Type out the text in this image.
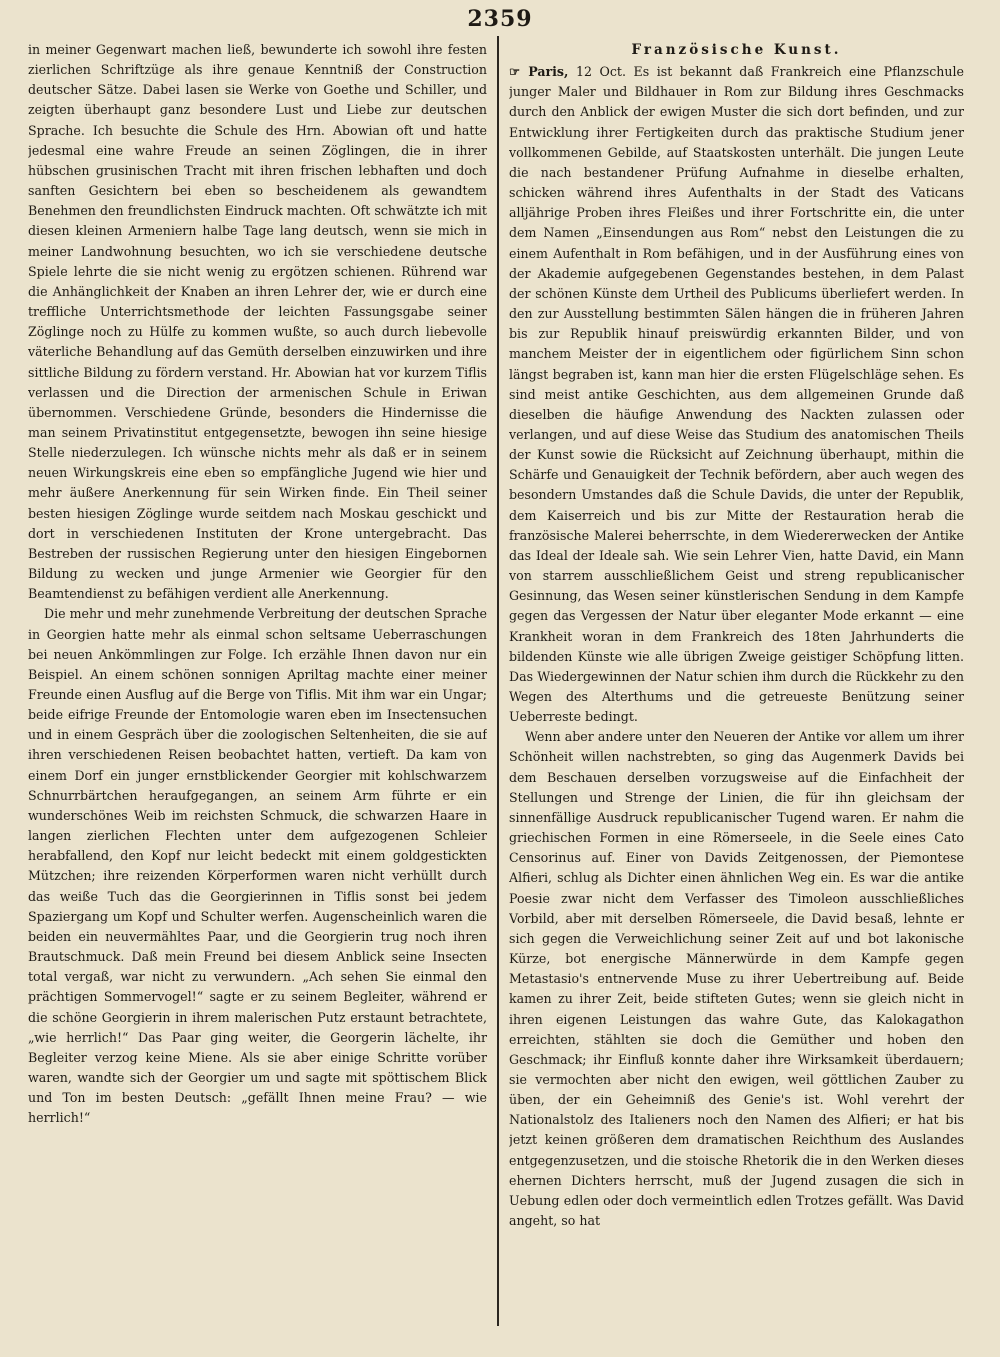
2359

in meiner Gegenwart machen ließ, bewunderte ich sowohl ihre festen zierlichen Schriftzüge als ihre genaue Kenntniß der Construction deutscher Sätze. Dabei lasen sie Werke von Goethe und Schiller, und zeigten überhaupt ganz besondere Lust und Liebe zur deutschen Sprache. Ich besuchte die Schule des Hrn. Abowian oft und hatte jedesmal eine wahre Freude an seinen Zöglingen, die in ihrer hübschen grusinischen Tracht mit ihren frischen lebhaften und doch sanften Gesichtern bei eben so bescheidenem als gewandtem Benehmen den freundlichsten Eindruck machten. Oft schwätzte ich mit diesen kleinen Armeniern halbe Tage lang deutsch, wenn sie mich in meiner Landwohnung besuchten, wo ich sie verschiedene deutsche Spiele lehrte die sie nicht wenig zu ergötzen schienen. Rührend war die Anhänglichkeit der Knaben an ihren Lehrer der, wie er durch eine treffliche Unterrichtsmethode der leichten Fassungsgabe seiner Zöglinge noch zu Hülfe zu kommen wußte, so auch durch liebevolle väterliche Behandlung auf das Gemüth derselben einzuwirken und ihre sittliche Bildung zu fördern verstand. Hr. Abowian hat vor kurzem Tiflis verlassen und die Direction der armenischen Schule in Eriwan übernommen. Verschiedene Gründe, besonders die Hindernisse die man seinem Privatinstitut entgegensetzte, bewogen ihn seine hiesige Stelle niederzulegen. Ich wünsche nichts mehr als daß er in seinem neuen Wirkungskreis eine eben so empfängliche Jugend wie hier und mehr äußere Anerkennung für sein Wirken finde. Ein Theil seiner besten hiesigen Zöglinge wurde seitdem nach Moskau geschickt und dort in verschiedenen Instituten der Krone untergebracht. Das Bestreben der russischen Regierung unter den hiesigen Eingebornen Bildung zu wecken und junge Armenier wie Georgier für den Beamtendienst zu befähigen verdient alle Anerkennung.

Die mehr und mehr zunehmende Verbreitung der deutschen Sprache in Georgien hatte mehr als einmal schon seltsame Ueberraschungen bei neuen Ankömmlingen zur Folge. Ich erzähle Ihnen davon nur ein Beispiel. An einem schönen sonnigen Apriltag machte einer meiner Freunde einen Ausflug auf die Berge von Tiflis. Mit ihm war ein Ungar; beide eifrige Freunde der Entomologie waren eben im Insectensuchen und in einem Gespräch über die zoologischen Seltenheiten, die sie auf ihren verschiedenen Reisen beobachtet hatten, vertieft. Da kam von einem Dorf ein junger ernstblickender Georgier mit kohlschwarzem Schnurrbärtchen heraufgegangen, an seinem Arm führte er ein wunderschönes Weib im reichsten Schmuck, die schwarzen Haare in langen zierlichen Flechten unter dem aufgezogenen Schleier herabfallend, den Kopf nur leicht bedeckt mit einem goldgestickten Mützchen; ihre reizenden Körperformen waren nicht verhüllt durch das weiße Tuch das die Georgierinnen in Tiflis sonst bei jedem Spaziergang um Kopf und Schulter werfen. Augenscheinlich waren die beiden ein neuvermähltes Paar, und die Georgierin trug noch ihren Brautschmuck. Daß mein Freund bei diesem Anblick seine Insecten total vergaß, war nicht zu verwundern. „Ach sehen Sie einmal den prächtigen Sommervogel!“ sagte er zu seinem Begleiter, während er die schöne Georgierin in ihrem malerischen Putz erstaunt betrachtete, „wie herrlich!“ Das Paar ging weiter, die Georgerin lächelte, ihr Begleiter verzog keine Miene. Als sie aber einige Schritte vorüber waren, wandte sich der Georgier um und sagte mit spöttischem Blick und Ton im besten Deutsch: „gefällt Ihnen meine Frau? — wie herrlich!“

Französische Kunst.

☞ Paris, 12 Oct. Es ist bekannt daß Frankreich eine Pflanzschule junger Maler und Bildhauer in Rom zur Bildung ihres Geschmacks durch den Anblick der ewigen Muster die sich dort befinden, und zur Entwicklung ihrer Fertigkeiten durch das praktische Studium jener vollkommenen Gebilde, auf Staatskosten unterhält. Die jungen Leute die nach bestandener Prüfung Aufnahme in dieselbe erhalten, schicken während ihres Aufenthalts in der Stadt des Vaticans alljährige Proben ihres Fleißes und ihrer Fortschritte ein, die unter dem Namen „Einsendungen aus Rom“ nebst den Leistungen die zu einem Aufenthalt in Rom befähigen, und in der Ausführung eines von der Akademie aufgegebenen Gegenstandes bestehen, in dem Palast der schönen Künste dem Urtheil des Publicums überliefert werden. In den zur Ausstellung bestimmten Sälen hängen die in früheren Jahren bis zur Republik hinauf preiswürdig erkannten Bilder, und von manchem Meister der in eigentlichem oder figürlichem Sinn schon längst begraben ist, kann man hier die ersten Flügelschläge sehen. Es sind meist antike Geschichten, aus dem allgemeinen Grunde daß dieselben die häufige Anwendung des Nackten zulassen oder verlangen, und auf diese Weise das Studium des anatomischen Theils der Kunst sowie die Rücksicht auf Zeichnung überhaupt, mithin die Schärfe und Genauigkeit der Technik befördern, aber auch wegen des besondern Umstandes daß die Schule Davids, die unter der Republik, dem Kaiserreich und bis zur Mitte der Restauration herab die französische Malerei beherrschte, in dem Wiedererwecken der Antike das Ideal der Ideale sah. Wie sein Lehrer Vien, hatte David, ein Mann von starrem ausschließlichem Geist und streng republicanischer Gesinnung, das Wesen seiner künstlerischen Sendung in dem Kampfe gegen das Vergessen der Natur über eleganter Mode erkannt — eine Krankheit woran in dem Frankreich des 18ten Jahrhunderts die bildenden Künste wie alle übrigen Zweige geistiger Schöpfung litten. Das Wiedergewinnen der Natur schien ihm durch die Rückkehr zu den Wegen des Alterthums und die getreueste Benützung seiner Ueberreste bedingt.

Wenn aber andere unter den Neueren der Antike vor allem um ihrer Schönheit willen nachstrebten, so ging das Augenmerk Davids bei dem Beschauen derselben vorzugsweise auf die Einfachheit der Stellungen und Strenge der Linien, die für ihn gleichsam der sinnenfällige Ausdruck republicanischer Tugend waren. Er nahm die griechischen Formen in eine Römerseele, in die Seele eines Cato Censorinus auf. Einer von Davids Zeitgenossen, der Piemontese Alfieri, schlug als Dichter einen ähnlichen Weg ein. Es war die antike Poesie zwar nicht dem Verfasser des Timoleon ausschließliches Vorbild, aber mit derselben Römerseele, die David besaß, lehnte er sich gegen die Verweichlichung seiner Zeit auf und bot lakonische Kürze, bot energische Männerwürde in dem Kampfe gegen Metastasio's entnervende Muse zu ihrer Uebertreibung auf. Beide kamen zu ihrer Zeit, beide stifteten Gutes; wenn sie gleich nicht in ihren eigenen Leistungen das wahre Gute, das Kalokagathon erreichten, stählten sie doch die Gemüther und hoben den Geschmack; ihr Einfluß konnte daher ihre Wirksamkeit überdauern; sie vermochten aber nicht den ewigen, weil göttlichen Zauber zu üben, der ein Geheimniß des Genie's ist. Wohl verehrt der Nationalstolz des Italieners noch den Namen des Alfieri; er hat bis jetzt keinen größeren dem dramatischen Reichthum des Auslandes entgegenzusetzen, und die stoische Rhetorik die in den Werken dieses ehernen Dichters herrscht, muß der Jugend zusagen die sich in Uebung edlen oder doch vermeintlich edlen Trotzes gefällt. Was David angeht, so hat
